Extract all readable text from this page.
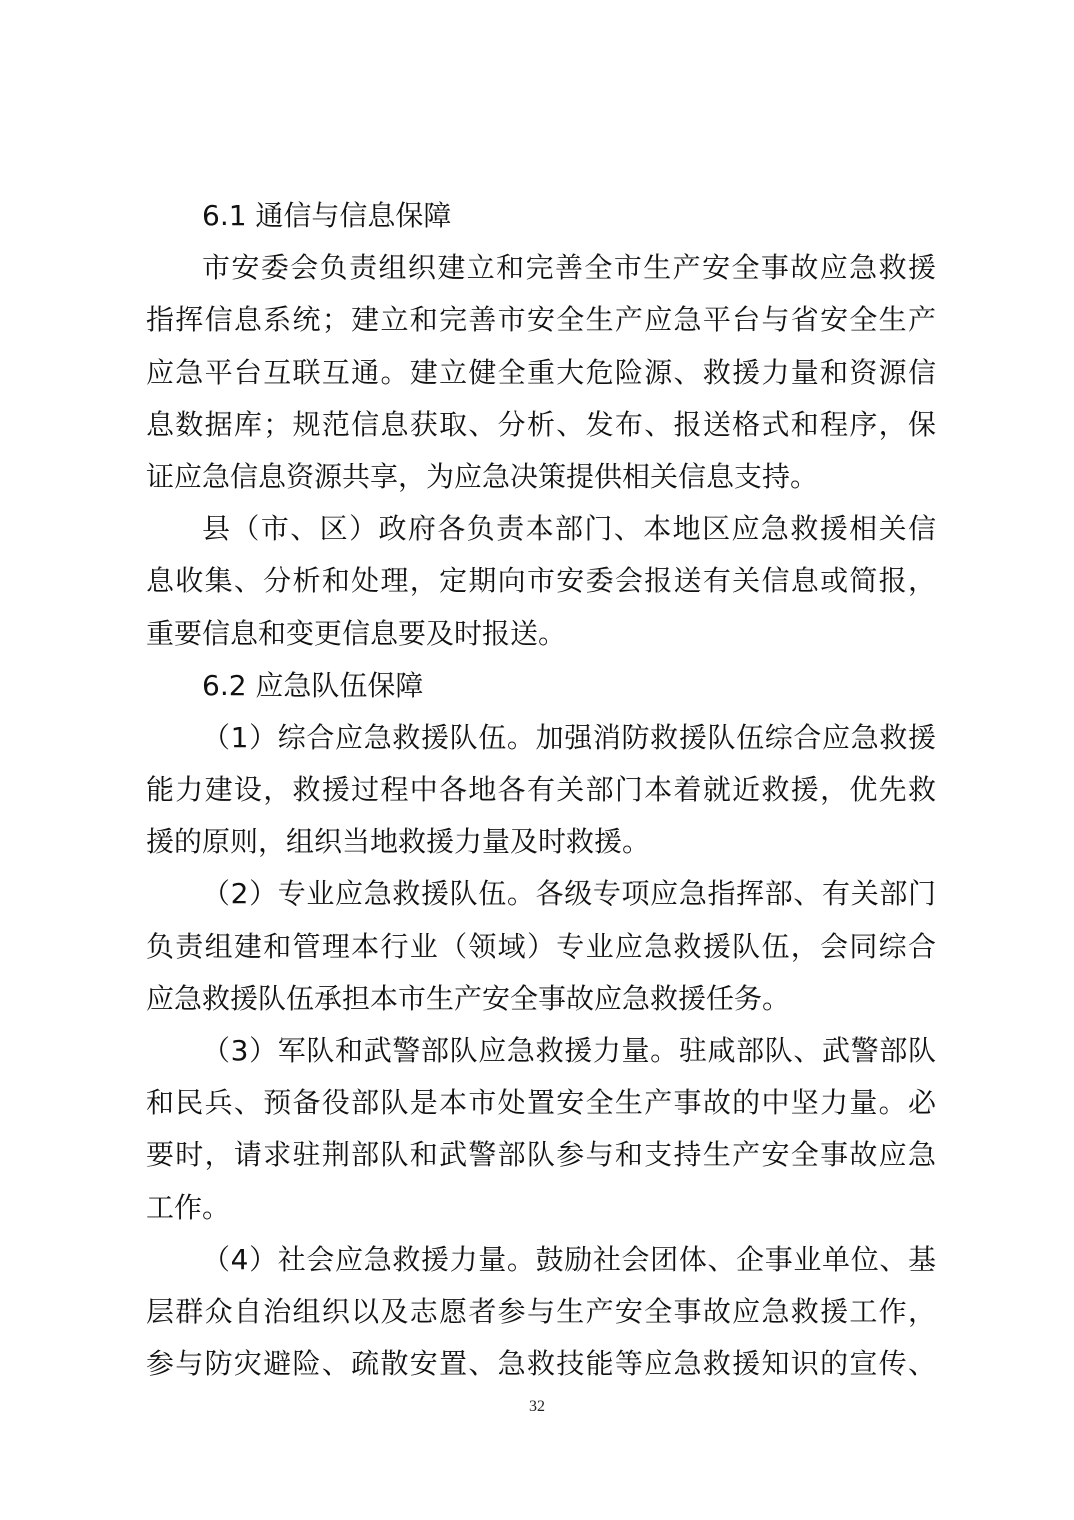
6.1 通信与信息保障
市安委会负责组织建立和完善全市生产安全事故应急救援
指挥信息系统；建立和完善市安全生产应急平台与省安全生产
应急平台互联互通。建立健全重大危险源、救援力量和资源信
息数据库；规范信息获取、分析、发布、报送格式和程序，保
证应急信息资源共享，为应急决策提供相关信息支持。
县（市、区）政府各负责本部门、本地区应急救援相关信
息收集、分析和处理，定期向市安委会报送有关信息或简报，
重要信息和变更信息要及时报送。
6.2 应急队伍保障
（1）综合应急救援队伍。加强消防救援队伍综合应急救援
能力建设，救援过程中各地各有关部门本着就近救援，优先救
援的原则，组织当地救援力量及时救援。
（2）专业应急救援队伍。各级专项应急指挥部、有关部门
负责组建和管理本行业（领域）专业应急救援队伍，会同综合
应急救援队伍承担本市生产安全事故应急救援任务。
（3）军队和武警部队应急救援力量。驻咸部队、武警部队
和民兵、预备役部队是本市处置安全生产事故的中坚力量。必
要时，请求驻荆部队和武警部队参与和支持生产安全事故应急
工作。
（4）社会应急救援力量。鼓励社会团体、企事业单位、基
层群众自治组织以及志愿者参与生产安全事故应急救援工作，
参与防灾避险、疏散安置、急救技能等应急救援知识的宣传、
32
